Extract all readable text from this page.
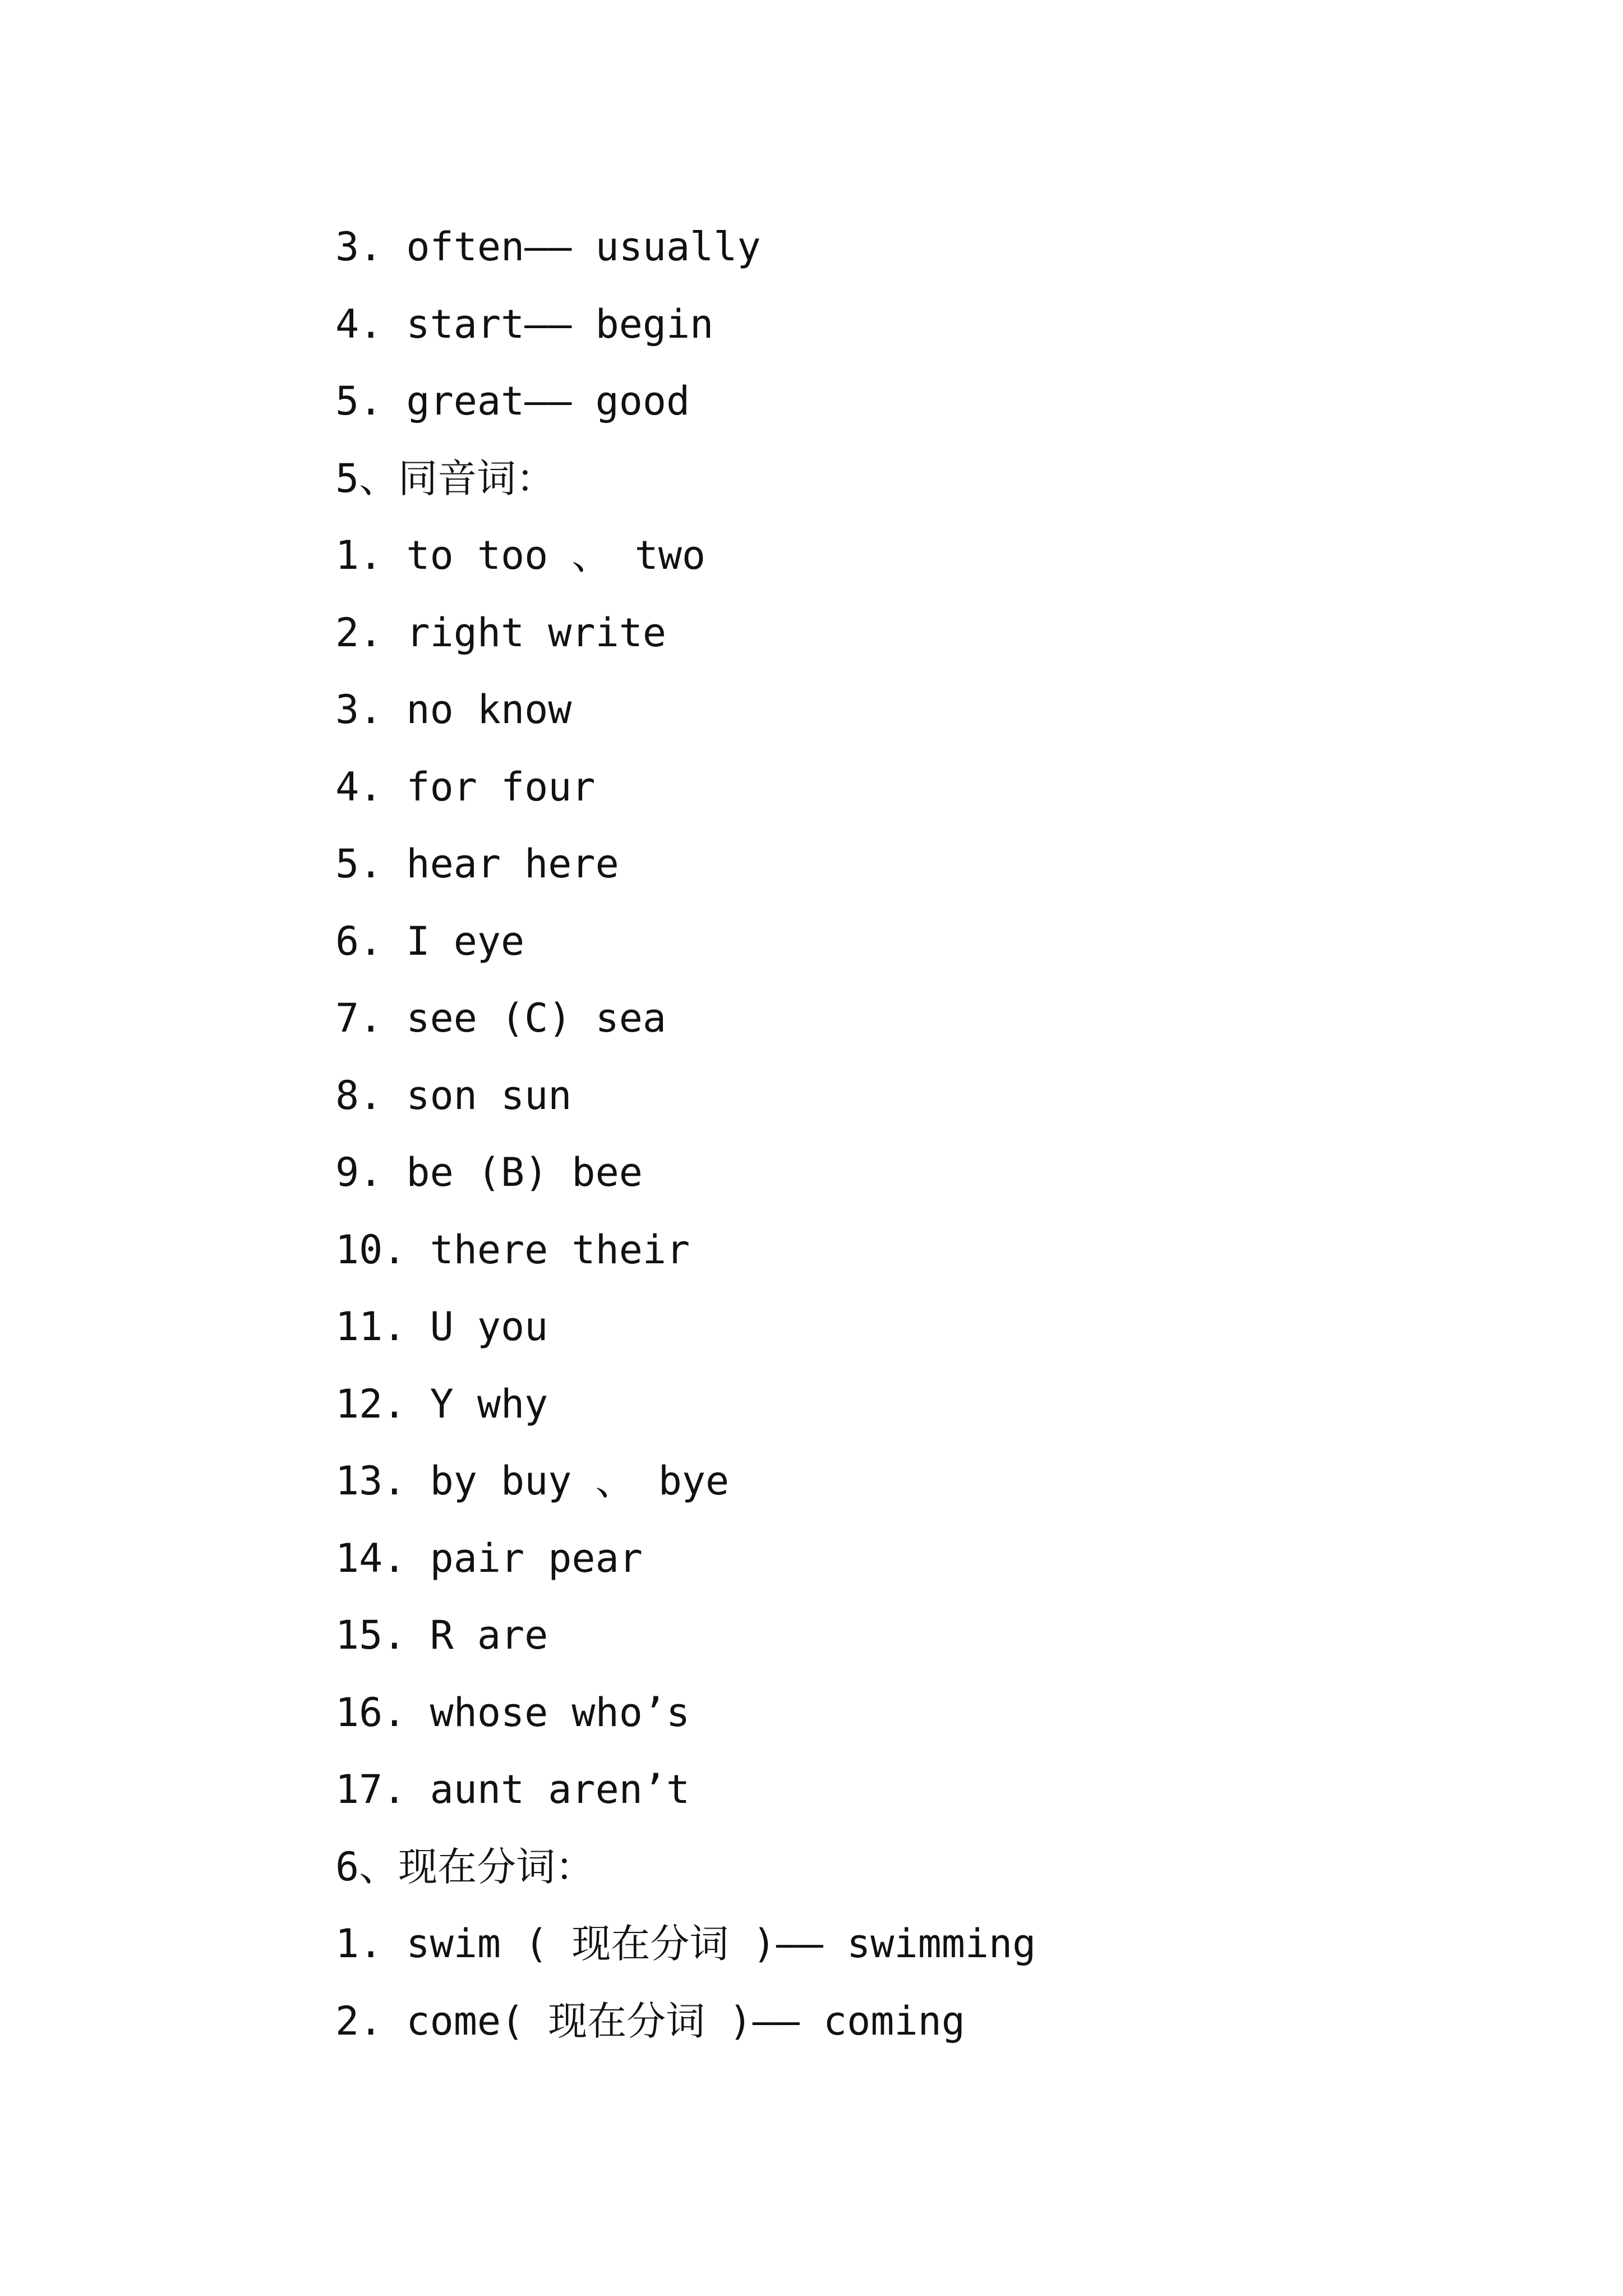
3. often—— usually
4. start—— begin
5. great—— good
5、同音词：
1. to too 、 two
2. right write
3. no know
4. for four
5. hear here
6. I eye
7. see (C) sea
8. son sun
9. be (B) bee
10. there their
11. U you
12. Y why
13. by buy 、 bye
14. pair pear
15. R are
16. whose who’s
17. aunt aren’t
6、现在分词：
1. swim ( 现在分词 )—— swimming
2. come( 现在分词 )—— coming
